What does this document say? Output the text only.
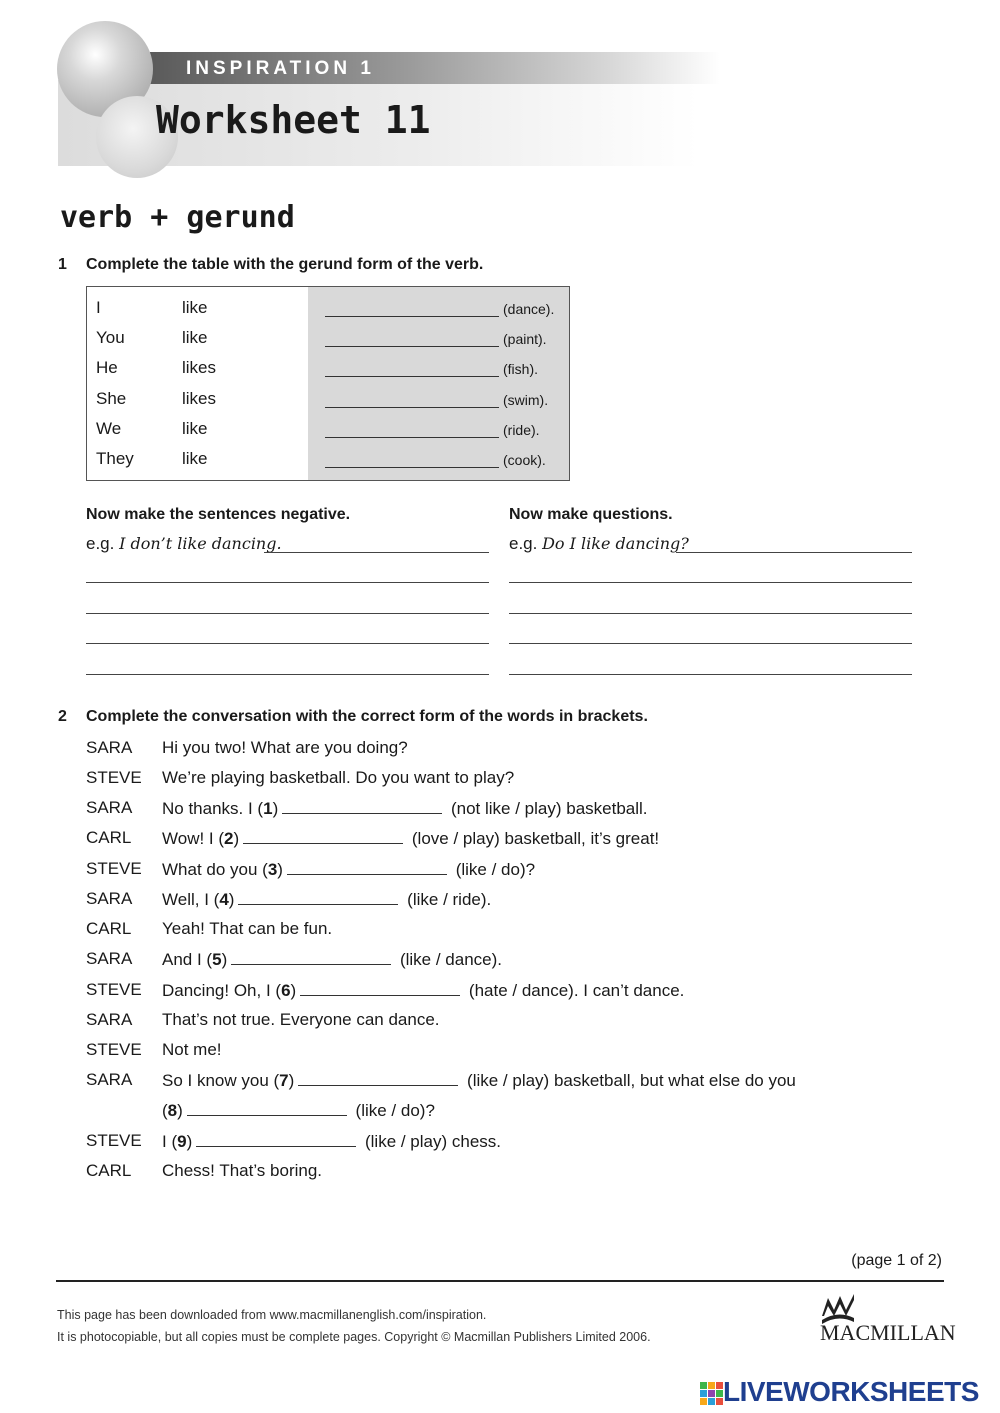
INSPIRATION 1
Worksheet 11
verb + gerund
1 Complete the table with the gerund form of the verb.
I	like	(dance).
You	like	(paint).
He	likes	(fish).
She	likes	(swim).
We	like	(ride).
They	like	(cook).
Now make the sentences negative.	Now make questions.
e.g. I don’t like dancing.	e.g. Do I like dancing?
2 Complete the conversation with the correct form of the words in brackets.
SARA Hi you two! What are you doing?
STEVE We’re playing basketball. Do you want to play?
SARA No thanks. I (1)	(not like / play) basketball.
CARL Wow! I (2)	(love / play) basketball, it’s great!
STEVE What do you (3)	(like / do)?
SARA Well, I (4)	(like / ride).
CARL Yeah! That can be fun.
SARA And I (5)	(like / dance).
STEVE Dancing! Oh, I (6)	(hate / dance). I can’t dance.
SARA That’s not true. Everyone can dance.
STEVE Not me!
SARA So I know you (7)	(like / play) basketball, but what else do you
(8)	(like / do)?
STEVE I (9)	(like / play) chess.
CARL Chess! That’s boring.
(page 1 of 2)
This page has been downloaded from www.macmillanenglish.com/inspiration.
It is photocopiable, but all copies must be complete pages. Copyright © Macmillan Publishers Limited 2006.	MACMILLAN
LIVEWORKSHEETS
